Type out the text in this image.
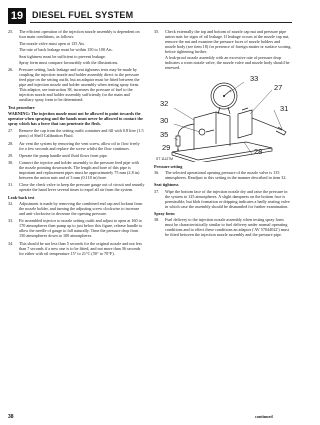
19 DIESEL FUEL SYSTEM
25. The efficient operation of the injection nozzle assembly is dependent on four main conditions, as follows:
The nozzle valve must open at 135 Ats.
The rate of back leakage must be within 150 to 100 Ats.
Seat tightness must be sufficient to prevent leakage.
Spray form must compare favourably with the illustrations.
26. Pressure setting, back leakage and seat tightness tests may be made by coupling the injection nozzle and holder assembly direct to the pressure feed pipe on the setting outfit, but an adaptor must be fitted between the pipe and injection nozzle and holder assembly when testing spray form. This adaptor, see instruction 38, increases the pressure of fuel to the injection nozzle and holder assembly sufficiently for the main and auxiliary spray form to be determined.
Test procedure
WARNING: The injection nozzle must not be allowed to point towards the operator when spraying and the hands must never be allowed to contact the spray which has a force that can penetrate the flesh.
27. Remove the cap from the setting outfit container and fill with 0.8 litre (1.5 pints) of Shell Calibration Fluid.
28. Air vent the system by removing the vent screw, allow oil to flow freely for a few seconds and replace the screw whilst the flow continues.
29. Operate the pump handle until fluid flows from pipe.
30. Connect the injector and holder assembly to the pressure feed pipe with the nozzle pointing downwards. The length and bore of this pipe is important and replacement pipes must be approximately 75 mm (2.8 in) between the union nuts and of 3 mm (0.118 in) bore.
31. Close the check valve to keep the pressure gauge out of circuit and smartly operate the hand lever several times to expel all air from the system.
Leak-back test
32. Adjustment is made by removing the combined end cap and locknut from the nozzle holder, and turning the adjusting screw clockwise to increase and anti-clockwise to decrease the opening pressure.
33. Fit assembled injector to nozzle setting outfit and adjust to open at 160 to 170 atmospheres then pump up to just below this figure, release handle to allow the needle of gauge to fall naturally. Time the pressure drop from 150 atmospheres down to 100 atmospheres.
34. This should be not less than 5 seconds for the original nozzle and not less than 7 seconds if a new one is to be fitted, and not more than 36 seconds for either with oil temperature 15° to 21°C (50° to 70°F).
35. Check externally the top and bottom of nozzle cap nut and pressure pipe union nuts for signs of oil leakage. If leakage occurs at the nozzle cap nut, remove the nut and examine the pressure faces of nozzle holders and nozzle body (see item 18) for presence of foreign matter or surface scoring, before tightening further.
A leak-proof nozzle assembly with an excessive rate of pressure drop indicates a worn nozzle valve, the nozzle valve and nozzle body should be renewed.
33
27
32
31
30
35
28
29
ST 11127M
Pressure setting
36. The selected operational opening pressure of the nozzle valve is 135 atmospheres. Readjust to this setting in the manner described in item 32.
Seat tightness
37. Wipe the bottom face of the injection nozzle dry and raise the pressure in the system to 125 atmospheres. A slight dampness on the bottom face is permissible, but blob formation or dripping indicates a badly seating valve in which case the assembly should be dismantled for further examination.
Spray form
38. Fuel delivery to the injection nozzle assembly when testing spray form must be characteristically similar to fuel delivery under normal operating conditions and to effect these conditions an adaptor ('AV 57044022') must be fitted between the injection nozzle assembly and the pressure pipe.
38	continued
